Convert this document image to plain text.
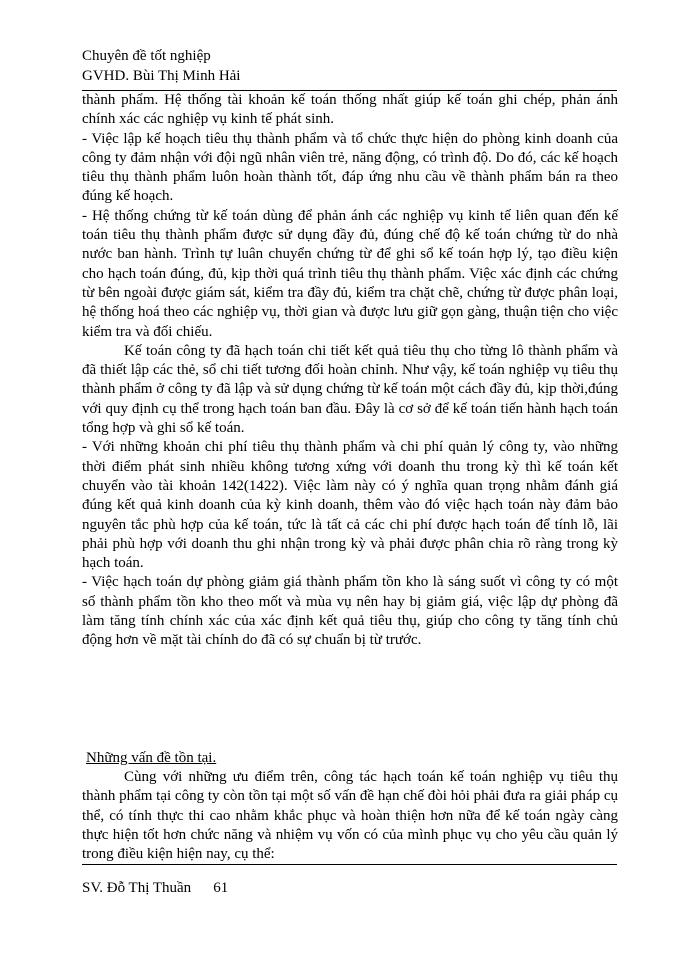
Chuyên đề tốt nghiệp
GVHD. Bùi Thị Minh Hải

thành phẩm. Hệ thống tài khoản kế toán thống nhất giúp kế toán ghi chép, phản ánh chính xác các nghiệp vụ kinh tế phát sinh.

- Việc lập kế hoạch tiêu thụ thành phẩm và tổ chức thực hiện do phòng kinh doanh của công ty đảm nhận với đội ngũ nhân viên trẻ, năng động, có trình độ. Do đó, các kế hoạch tiêu thụ thành phẩm luôn hoàn thành tốt, đáp ứng nhu cầu về thành phẩm bán ra theo đúng kế hoạch.

- Hệ thống chứng từ kế toán dùng để phản ánh các nghiệp vụ kinh tế liên quan đến kế toán tiêu thụ thành phẩm được sử dụng đầy đủ, đúng chế độ kế toán chứng từ do nhà nước ban hành. Trình tự luân chuyển chứng từ để ghi sổ kế toán hợp lý, tạo điều kiện cho hạch toán đúng, đủ, kịp thời quá trình tiêu thụ thành phẩm. Việc xác định các chứng từ bên ngoài được giám sát, kiểm tra đầy đủ, kiểm tra chặt chẽ, chứng từ được phân loại, hệ thống hoá theo các nghiệp vụ, thời gian và được lưu giữ gọn gàng, thuận tiện cho việc kiểm tra và đối chiếu.

Kế toán công ty đã hạch toán chi tiết kết quả tiêu thụ cho từng lô thành phẩm và đã thiết lập các thẻ, sổ chi tiết tương đối hoàn chỉnh. Như vậy, kế toán nghiệp vụ tiêu thụ thành phẩm ở công ty đã lập và sử dụng chứng từ kế toán một cách đầy đủ, kịp thời,đúng với quy định cụ thể trong hạch toán ban đầu. Đây là cơ sở để kế toán tiến hành hạch toán tổng hợp và ghi sổ kế toán.

- Với những khoản chi phí tiêu thụ thành phẩm và chi phí quản lý công ty, vào những thời điểm phát sinh nhiều không tương xứng với doanh thu trong kỳ thì kế toán kết chuyển vào tài khoản 142(1422). Việc làm này có ý nghĩa quan trọng nhằm đánh giá đúng kết quả kinh doanh của kỳ kinh doanh, thêm vào đó việc hạch toán này đảm bảo nguyên tắc phù hợp của kế toán, tức là tất cả các chi phí được hạch toán để tính lỗ, lãi phải phù hợp với doanh thu ghi nhận trong kỳ và phải được phân chia rõ ràng trong kỳ hạch toán.

- Việc hạch toán dự phòng giảm giá thành phẩm tồn kho là sáng suốt vì công ty có một số thành phẩm tồn kho theo mốt và mùa vụ nên hay bị giảm giá, việc lập dự phòng đã làm tăng tính chính xác của xác định kết quả tiêu thụ, giúp cho công ty tăng tính chủ động hơn về mặt tài chính do đã có sự chuẩn bị từ trước.

Những vấn đề tồn tại.

Cùng với những ưu điểm trên, công tác hạch toán kế toán nghiệp vụ tiêu thụ thành phẩm tại công ty còn tồn tại một số vấn đề hạn chế đòi hỏi phải đưa ra giải pháp cụ thể, có tính thực thi cao nhằm khắc phục và hoàn thiện hơn nữa để kế toán ngày càng thực hiện tốt hơn chức năng và nhiệm vụ vốn có của mình phục vụ cho yêu cầu quản lý trong điều kiện hiện nay, cụ thể:

SV. Đỗ Thị Thuần 61
